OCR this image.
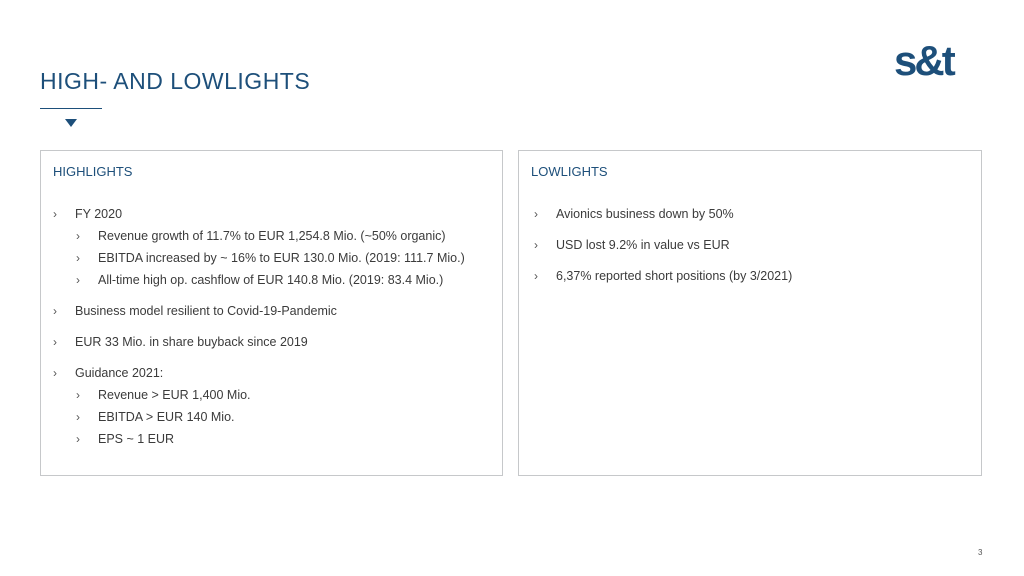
HIGH- AND LOWLIGHTS	s&t
HIGHLIGHTS
› FY 2020
› Revenue growth of 11.7% to EUR 1,254.8 Mio. (~50% organic)
› EBITDA increased by ~ 16% to EUR 130.0 Mio. (2019: 111.7 Mio.)
› All-time high op. cashflow of EUR 140.8 Mio. (2019: 83.4 Mio.)
› Business model resilient to Covid-19-Pandemic
› EUR 33 Mio. in share buyback since 2019
› Guidance 2021:
› Revenue > EUR 1,400 Mio.
› EBITDA > EUR 140 Mio.
› EPS ~ 1 EUR
LOWLIGHTS
› Avionics business down by 50%
› USD lost 9.2% in value vs EUR
› 6,37% reported short positions (by 3/2021)
3
